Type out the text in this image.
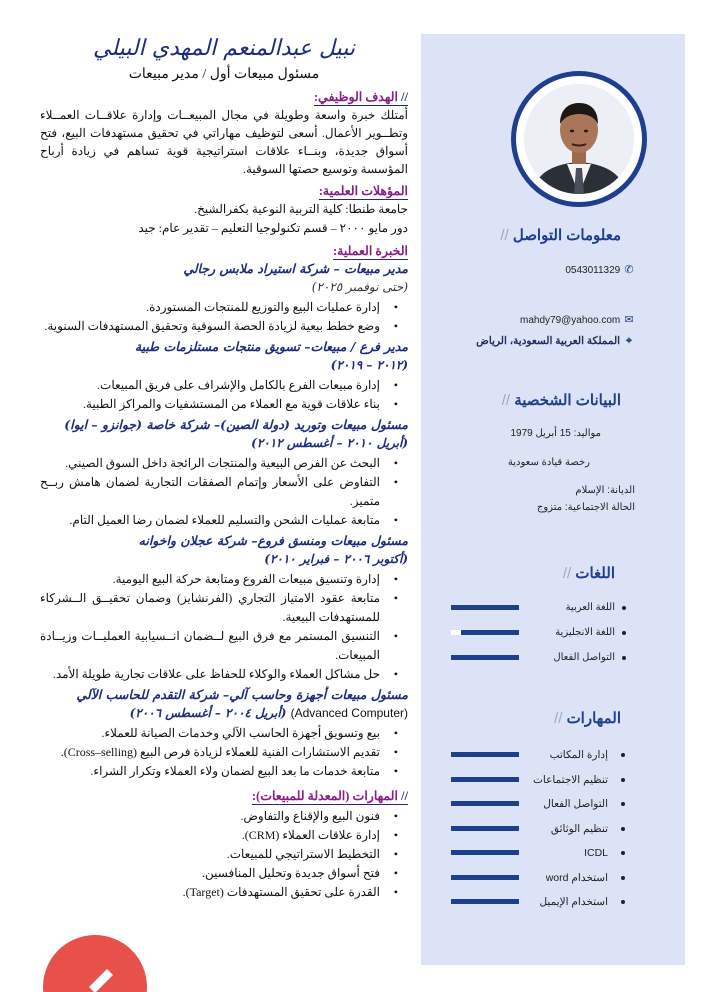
نبيل عبدالمنعم المهدي البيلي
مسئول مبيعات أول / مدير مبيعات
// الهدف الوظيفي:
أمتلك خبرة واسعة وطويلة في مجال المبيعــات وإدارة علاقــات العمــلاء وتطــوير الأعمال. أسعى لتوظيف مهاراتي في تحقيق مستهدفات البيع، فتح أسواق جديدة، وبنــاء علاقات استراتيجية قوية تساهم في زيادة أرباح المؤسسة وتوسيع حصتها السوقية.
المؤهلات العلمية:
جامعة طنطا: كلية التربية النوعية بكفرالشيخ.
دور مايو ٢٠٠٠ – قسم تكنولوجيا التعليم – تقدير عام: جيد
الخبرة العملية:
مدير مبيعات – شركة استيراد ملابس رجالي
(حتى نوفمبر ٢٠٢٥)
• إدارة عمليات البيع والتوزيع للمنتجات المستوردة.
• وضع خطط بيعية لزيادة الحصة السوقية وتحقيق المستهدفات السنوية.
مدير فرع / مبيعات– تسويق منتجات مستلزمات طبية
(٢٠١٢ – ٢٠١٩)
• إدارة مبيعات الفرع بالكامل والإشراف على فريق المبيعات.
• بناء علاقات قوية مع العملاء من المستشفيات والمراكز الطبية.
مسئول مبيعات وتوريد (دولة الصين)– شركة خاصة (جوانزو – ايوا)
(أبريل ٢٠١٠ – أغسطس ٢٠١٢)
• البحث عن الفرص البيعية والمنتجات الرائجة داخل السوق الصيني.
• التفاوض على الأسعار وإتمام الصفقات التجارية لضمان هامش ربــح متميز.
• متابعة عمليات الشحن والتسليم للعملاء لضمان رضا العميل التام.
مسئول مبيعات ومنسق فروع– شركة عجلان واخوانه
(أكتوبر ٢٠٠٦ – فبراير ٢٠١٠)
• إدارة وتنسيق مبيعات الفروع ومتابعة حركة البيع اليومية.
• متابعة عقود الامتياز التجاري (الفرنشايز) وضمان تحقيــق الــشركاء للمستهدفات البيعية.
• التنسيق المستمر مع فرق البيع لــضمان انــسيابية العمليــات وزيــادة المبيعات.
• حل مشاكل العملاء والوكلاء للحفاظ على علاقات تجارية طويلة الأمد.
مسئول مبيعات أجهزة وحاسب آلي– شركة التقدم للحاسب الآلي
(Advanced Computer) (أبريل ٢٠٠٤ – أغسطس ٢٠٠٦)
• بيع وتسويق أجهزة الحاسب الآلي وخدمات الصيانة للعملاء.
• تقديم الاستشارات الفنية للعملاء لزيادة فرص البيع (Cross–selling).
• متابعة خدمات ما بعد البيع لضمان ولاء العملاء وتكرار الشراء.
// المهارات (المعدلة للمبيعات):
• فنون البيع والإقناع والتفاوض.
• إدارة علاقات العملاء (CRM).
• التخطيط الاستراتيجي للمبيعات.
• فتح أسواق جديدة وتحليل المنافسين.
• القدرة على تحقيق المستهدفات (Target).
معلومات التواصل //
✆ 0543011329
✉ mahdy79@yahoo.com
⌖ المملكة العربية السعودية، الرياض
البيانات الشخصية //
مواليد: 15 أبريل 1979
رخصة قيادة سعودية
الديانة: الإسلام
الحالة الاجتماعية: متزوج
اللغات //
اللغة العربية
اللغة الانجليزية
التواصل الفعال
المهارات //
إدارة المكاتب
تنظيم الاجتماعات
التواصل الفعال
تنظيم الوثائق
ICDL
استخدام word
استخدام الإيميل
